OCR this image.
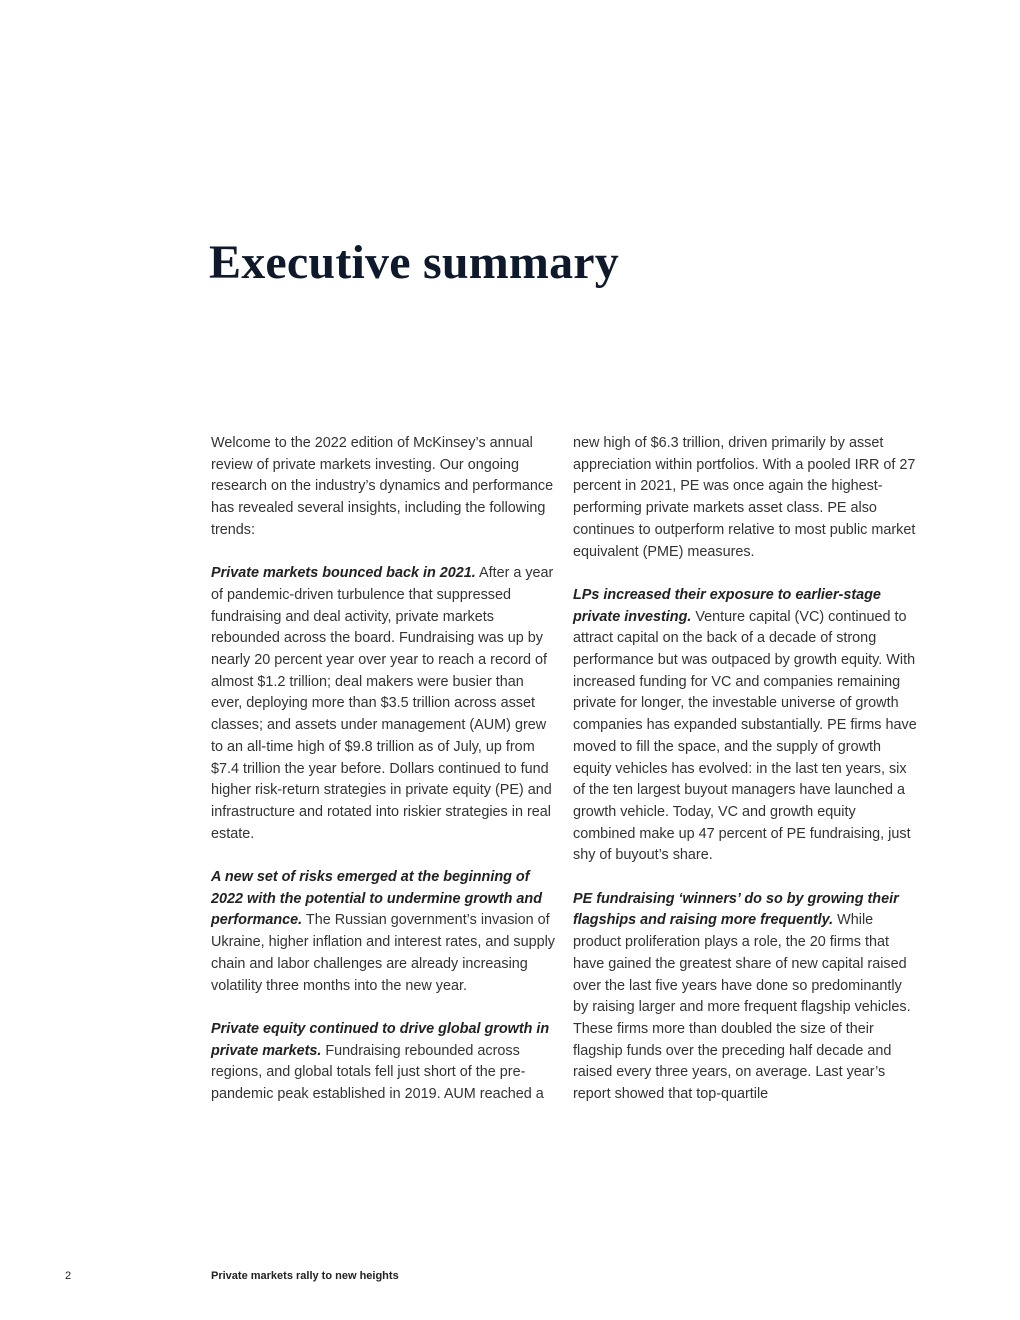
Executive summary

Welcome to the 2022 edition of McKinsey’s annual review of private markets investing. Our ongoing research on the industry’s dynamics and performance has revealed several insights, including the following trends:

Private markets bounced back in 2021. After a year of pandemic-driven turbulence that suppressed fundraising and deal activity, private markets rebounded across the board. Fundraising was up by nearly 20 percent year over year to reach a record of almost $1.2 trillion; deal makers were busier than ever, deploying more than $3.5 trillion across asset classes; and assets under management (AUM) grew to an all-time high of $9.8 trillion as of July, up from $7.4 trillion the year before. Dollars continued to fund higher risk-return strategies in private equity (PE) and infrastructure and rotated into riskier strategies in real estate.

A new set of risks emerged at the beginning of 2022 with the potential to undermine growth and performance. The Russian government’s invasion of Ukraine, higher inflation and interest rates, and supply chain and labor challenges are already increasing volatility three months into the new year.

Private equity continued to drive global growth in private markets. Fundraising rebounded across regions, and global totals fell just short of the pre-pandemic peak established in 2019. AUM reached a

new high of $6.3 trillion, driven primarily by asset appreciation within portfolios. With a pooled IRR of 27 percent in 2021, PE was once again the highest-performing private markets asset class. PE also continues to outperform relative to most public market equivalent (PME) measures.

LPs increased their exposure to earlier-stage private investing. Venture capital (VC) continued to attract capital on the back of a decade of strong performance but was outpaced by growth equity. With increased funding for VC and companies remaining private for longer, the investable universe of growth companies has expanded substantially. PE firms have moved to fill the space, and the supply of growth equity vehicles has evolved: in the last ten years, six of the ten largest buyout managers have launched a growth vehicle. Today, VC and growth equity combined make up 47 percent of PE fundraising, just shy of buyout’s share.

PE fundraising ‘winners’ do so by growing their flagships and raising more frequently. While product proliferation plays a role, the 20 firms that have gained the greatest share of new capital raised over the last five years have done so predominantly by raising larger and more frequent flagship vehicles. These firms more than doubled the size of their flagship funds over the preceding half decade and raised every three years, on average. Last year’s report showed that top-quartile

2	Private markets rally to new heights
